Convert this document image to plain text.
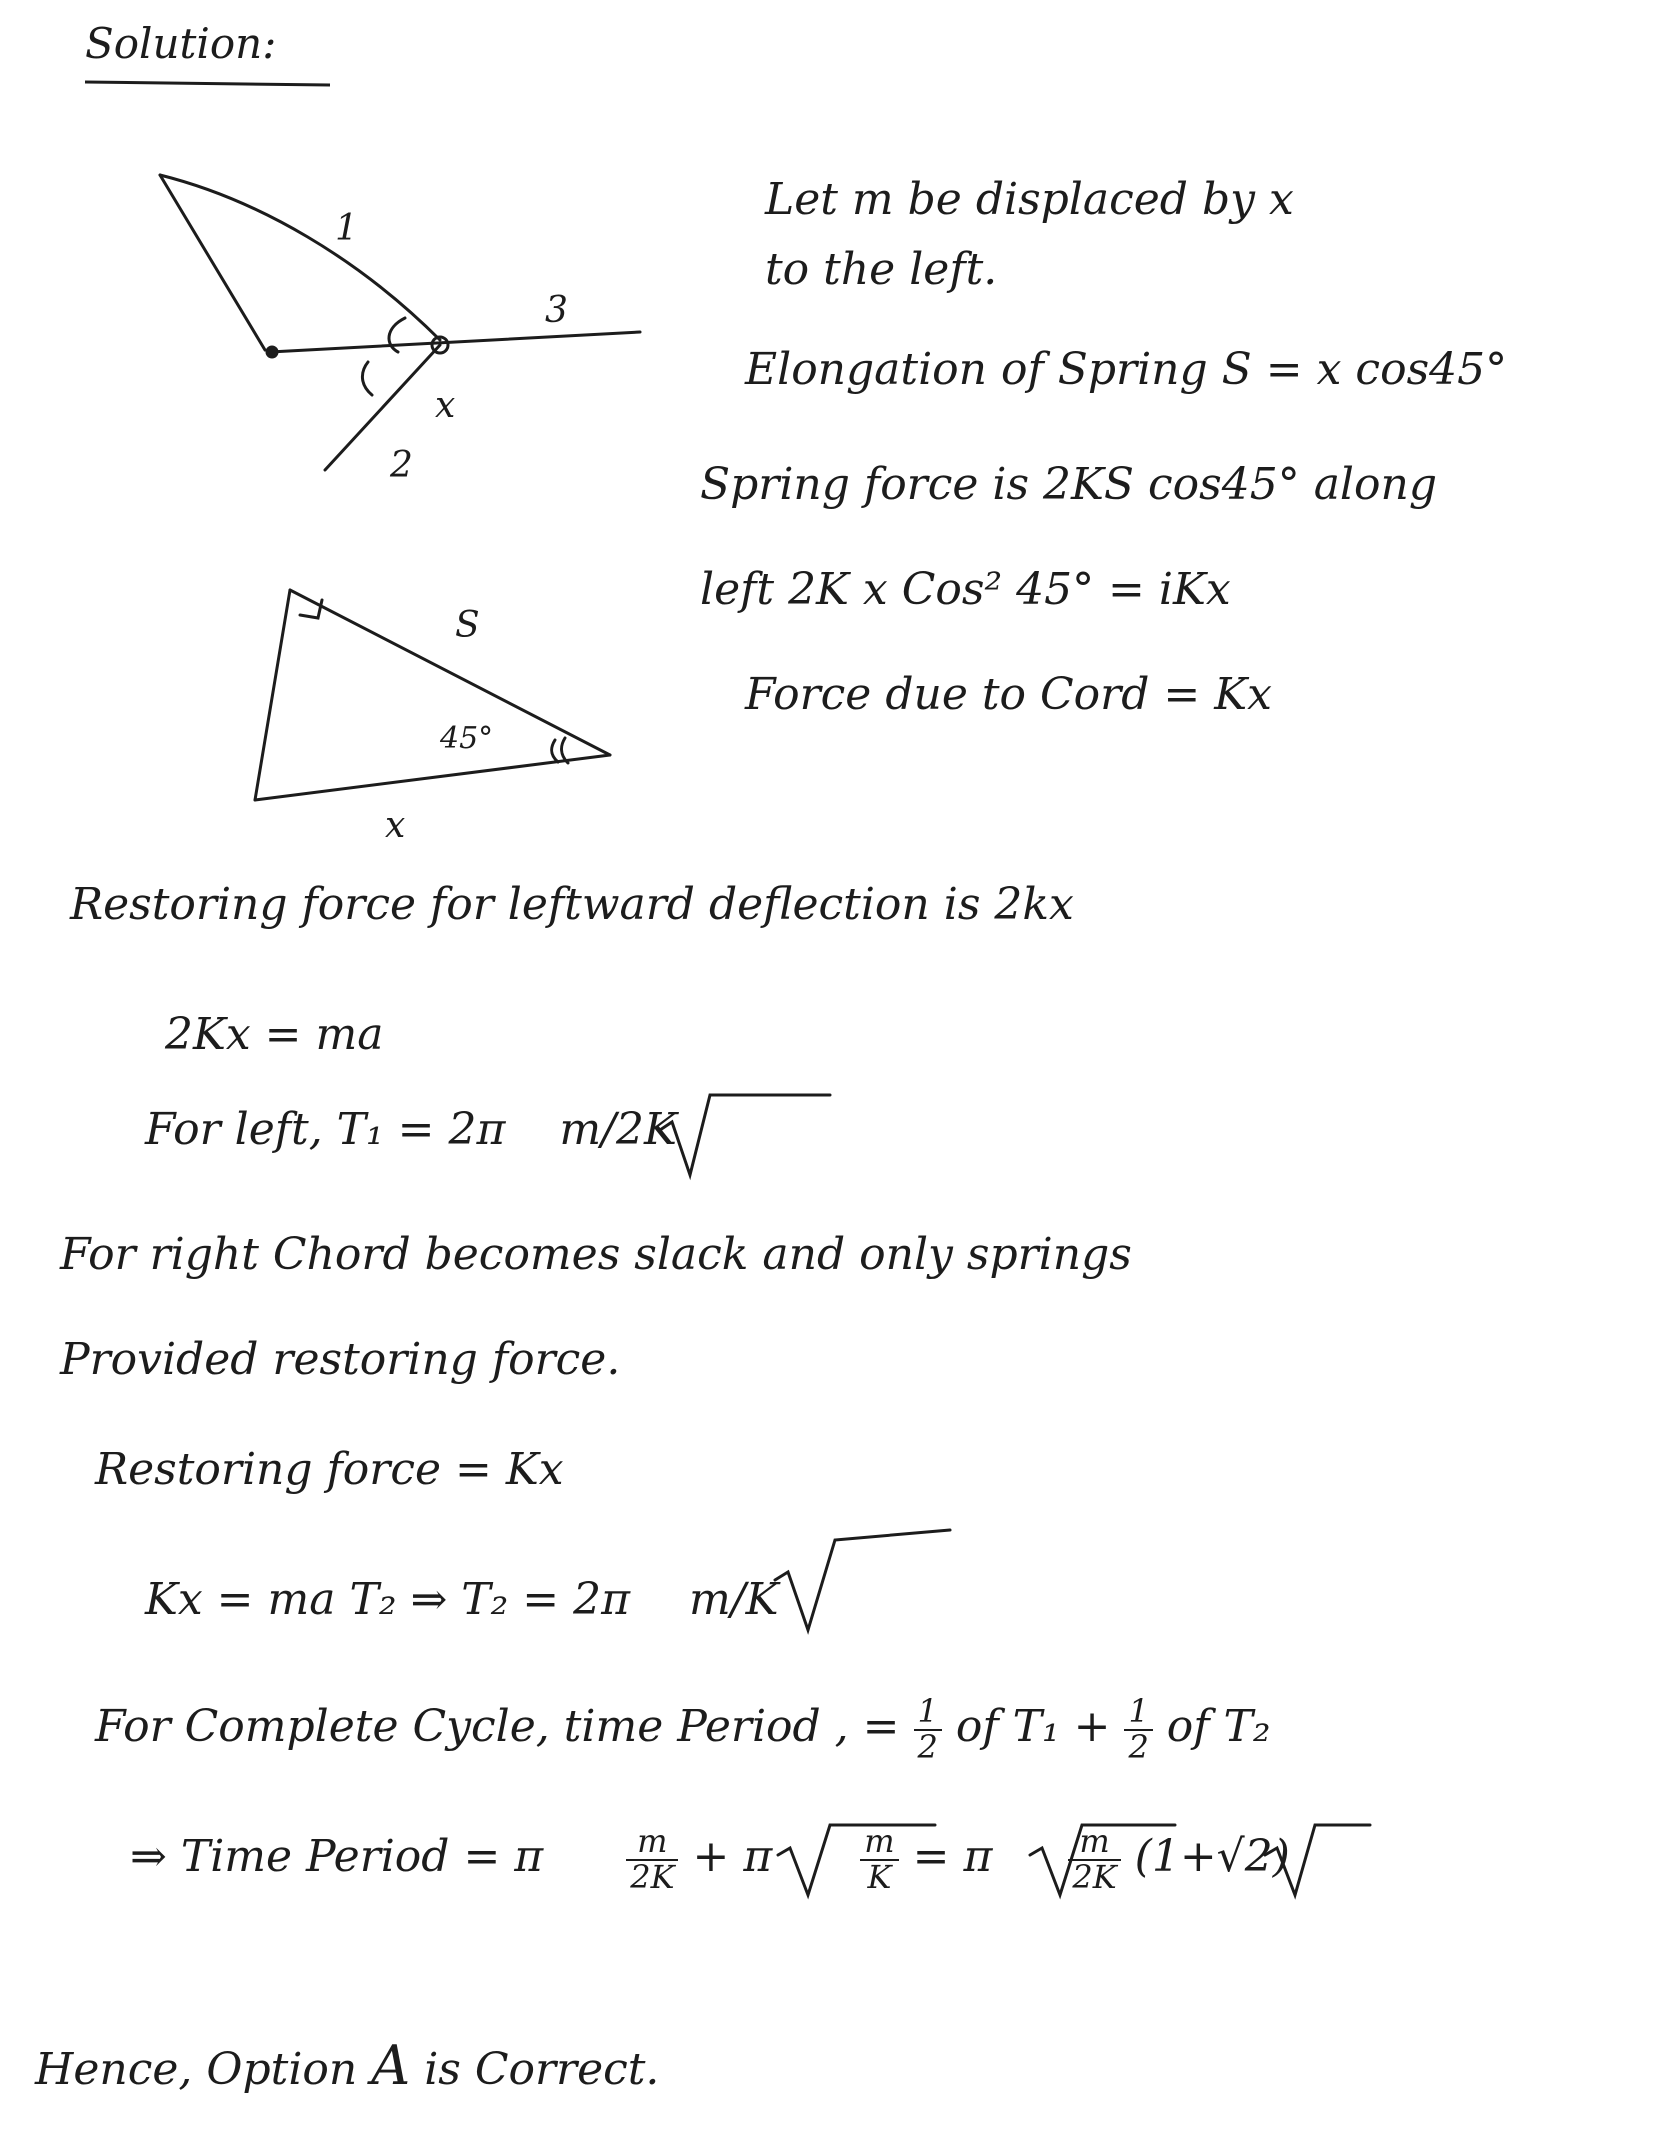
Solution:
1
3
2
x
S
45°
x
Let m be displaced by x
to the left.
Elongation of Spring S = x cos45°
Spring force is 2KS cos45° along
left 2K x Cos² 45° = iKx
Force due to Cord = Kx
Restoring force for leftward deflection is 2kx
2Kx = ma
For left, T₁ = 2π m/2K
For right Chord becomes slack and only springs
Provided restoring force.
Restoring force = Kx
Kx = ma T₂ ⇒ T₂ = 2π m/K
For Complete Cycle, time Period , = $\frac{1}{2}$ of $T_1 + \frac{1}{2}$ of T₂
⇒ Time Period = π	$\frac{m}{2K} + \pi$	$\frac{m}{K} = \pi \frac{m}{2K} (1+√2)$
Hence, Option A is Correct.
